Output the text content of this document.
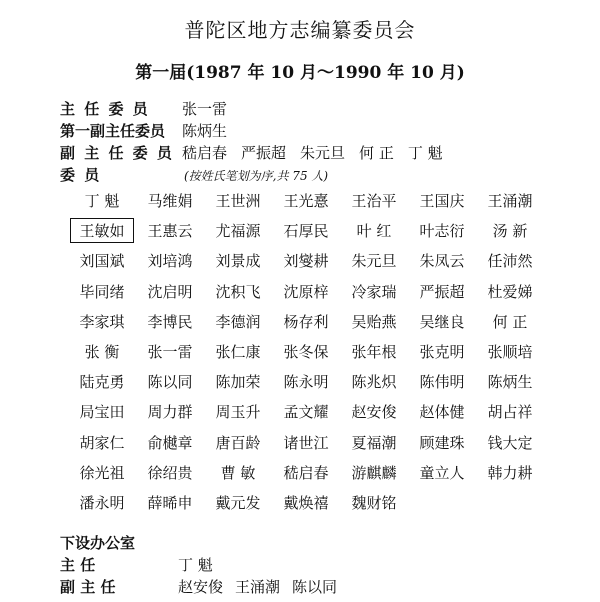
普陀区地方志编纂委员会
第一届(1987 年 10 月～1990 年 10 月)
主 任 委 员 张一雷
第一副主任委员 陈炳生
副 主 任 委 员 嵇启春 严振超 朱元旦 何 正 丁 魁
委 员	(按姓氏笔划为序,共 75 人)
丁 魁	马维娟	王世洲	王光憙	王治平	王国庆	王涌潮
王敏如	王惠云	尤福源	石厚民	叶 红	叶志衍	汤 新
刘国斌	刘培鸿	刘景成	刘燮耕	朱元旦	朱凤云	任沛然
毕同绪	沈启明	沈积飞	沈原梓	冷家瑞	严振超	杜爱娣
李家琪	李博民	李德润	杨存利	吴贻燕	吴继良	何 正
张 衡	张一雷	张仁康	张冬保	张年根	张克明	张顺培
陆克勇	陈以同	陈加荣	陈永明	陈兆炽	陈伟明	陈炳生
局宝田	周力群	周玉升	孟文耀	赵安俊	赵体健	胡占祥
胡家仁	俞樾章	唐百龄	诸世江	夏福潮	顾建珠	钱大定
徐光祖	徐绍贵	曹 敏	嵇启春	游麒麟	童立人	韩力耕
潘永明	薛晞申	戴元发	戴焕禧	魏财铭
下设办公室
主 任	丁 魁
副 主 任	赵安俊 王涌潮 陈以同
